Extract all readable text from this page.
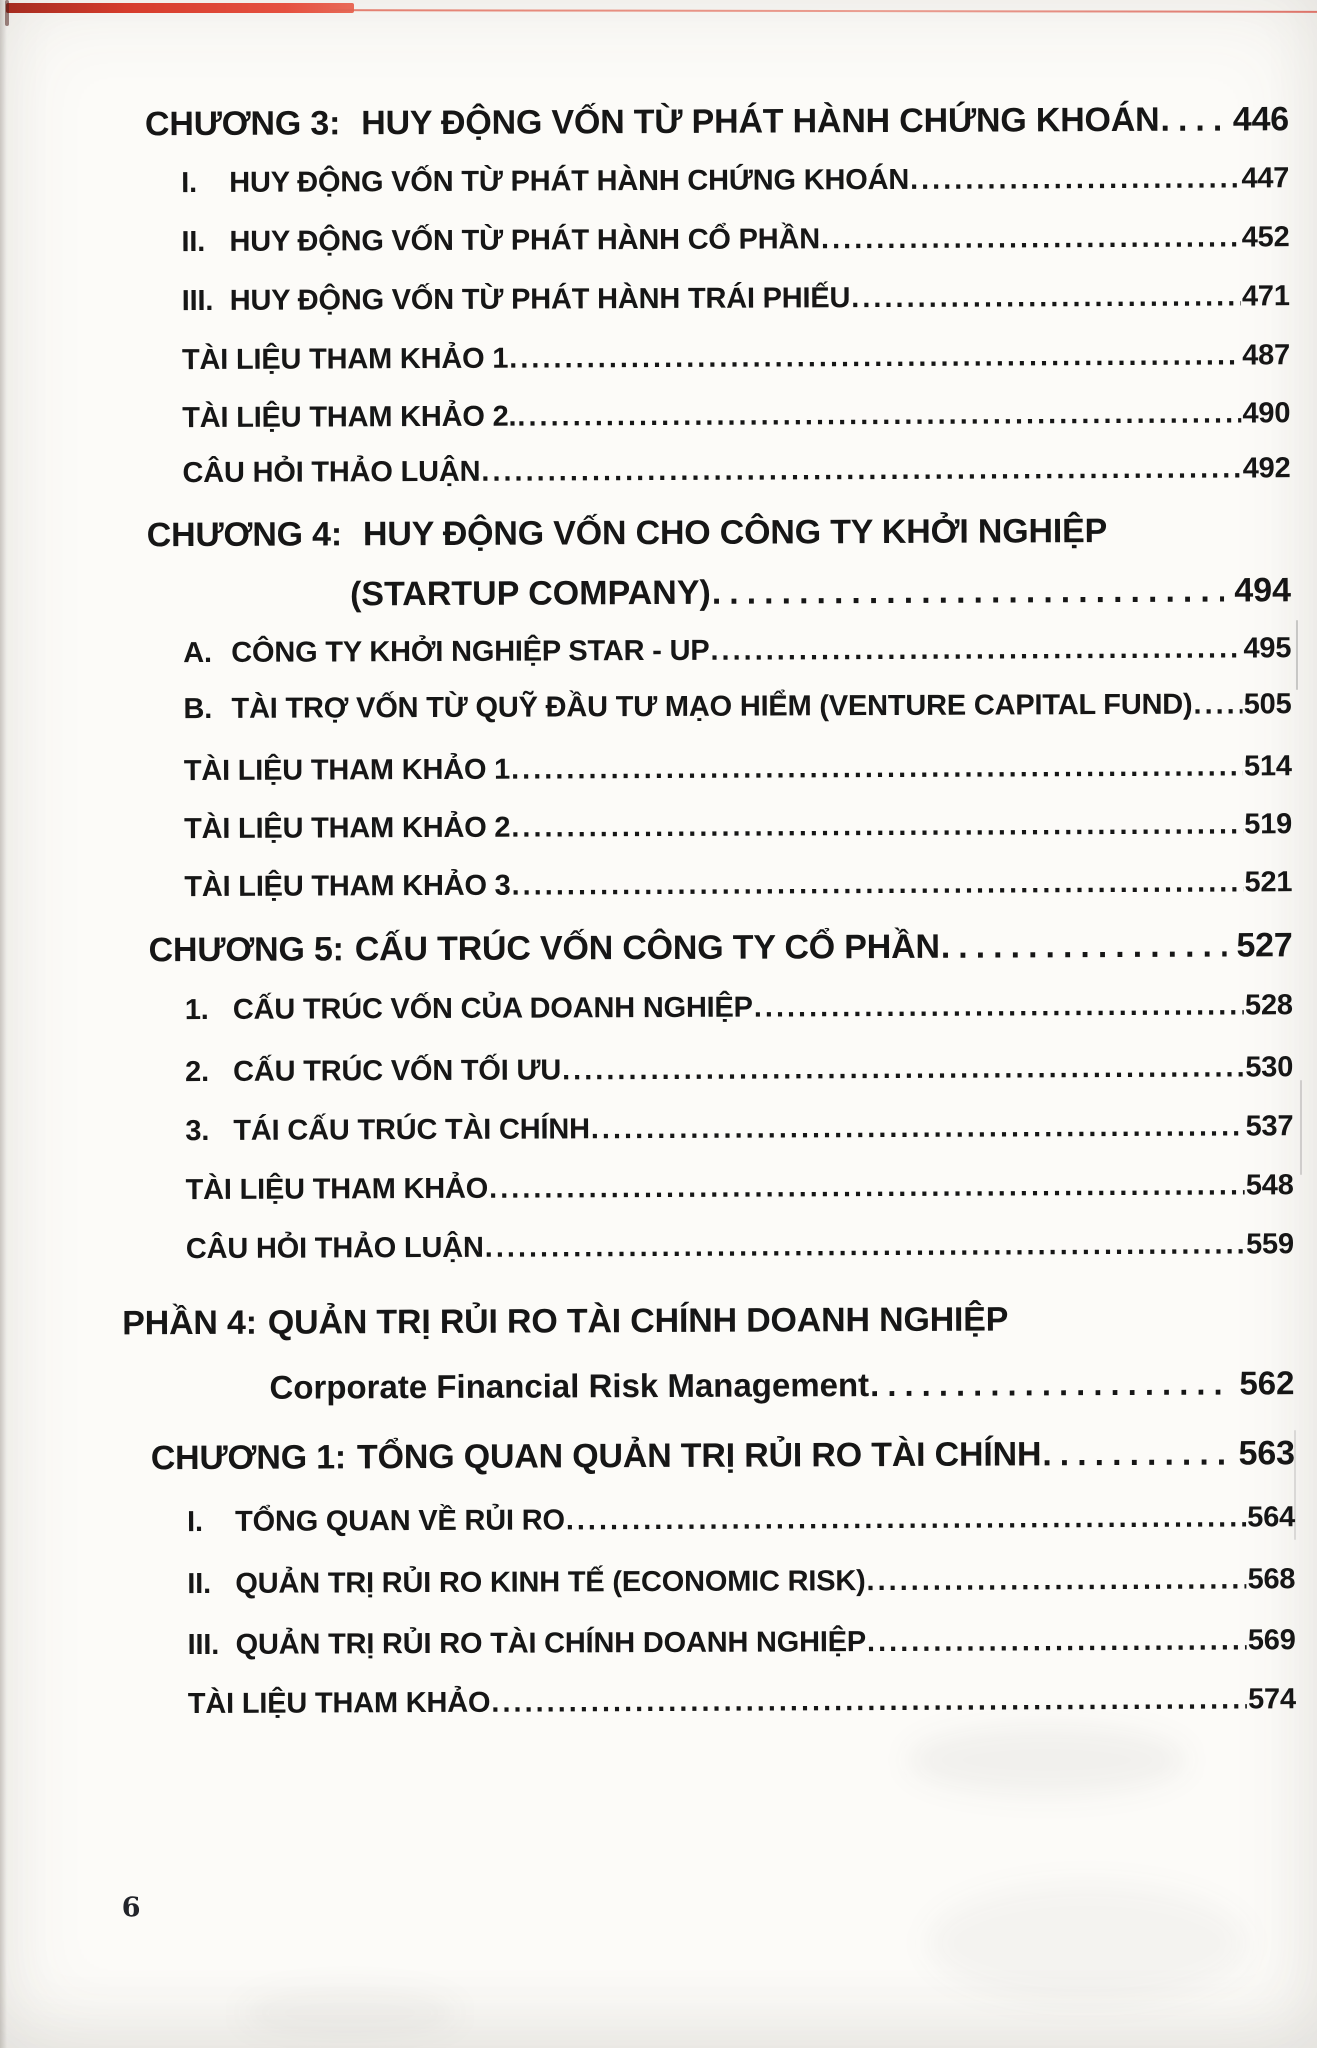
CHƯƠNG 3: HUY ĐỘNG VỐN TỪ PHÁT HÀNH CHỨNG KHOÁN ..... 446
I.	HUY ĐỘNG VỐN TỪ PHÁT HÀNH CHỨNG KHOÁN .....	447
II. HUY ĐỘNG VỐN TỪ PHÁT HÀNH CỔ PHẦN .....	452
III. HUY ĐỘNG VỐN TỪ PHÁT HÀNH TRÁI PHIẾU .....	471
TÀI LIỆU THAM KHẢO 1 .....	487
TÀI LIỆU THAM KHẢO 2. .....	490
CÂU HỎI THẢO LUẬN .....	492
CHƯƠNG 4: HUY ĐỘNG VỐN CHO CÔNG TY KHỞI NGHIỆP
(STARTUP COMPANY) .....	494
A. CÔNG TY KHỞI NGHIỆP STAR - UP .....	495
B. TÀI TRỢ VỐN TỪ QUỸ ĐẦU TƯ MẠO HIỂM (VENTURE CAPITAL FUND) ..... 505
TÀI LIỆU THAM KHẢO 1 .....	514
TÀI LIỆU THAM KHẢO 2 .....	519
TÀI LIỆU THAM KHẢO 3 .....	521
CHƯƠNG 5: CẤU TRÚC VỐN CÔNG TY CỔ PHẦN .....	527
1. CẤU TRÚC VỐN CỦA DOANH NGHIỆP .....	528
2. CẤU TRÚC VỐN TỐI ƯU .....	530
3. TÁI CẤU TRÚC TÀI CHÍNH .....	537
TÀI LIỆU THAM KHẢO .....	548
CÂU HỎI THẢO LUẬN .....	559
PHẦN 4: QUẢN TRỊ RỦI RO TÀI CHÍNH DOANH NGHIỆP
Corporate Financial Risk Management .....	562
CHƯƠNG 1: TỔNG QUAN QUẢN TRỊ RỦI RO TÀI CHÍNH .....	563
I.	TỔNG QUAN VỀ RỦI RO .....	564
II. QUẢN TRỊ RỦI RO KINH TẾ (ECONOMIC RISK) .....	568
III. QUẢN TRỊ RỦI RO TÀI CHÍNH DOANH NGHIỆP .....	569
TÀI LIỆU THAM KHẢO .....	574
6
